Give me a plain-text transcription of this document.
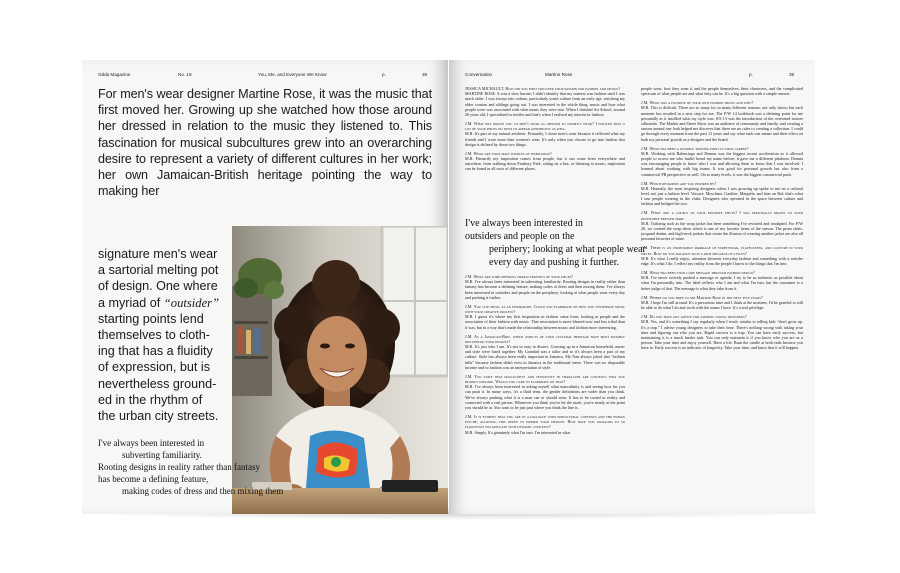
Odda Magazine	No. 19	You, Me, and Everyone We Know	p.	38
For men's wear designer Martine Rose, it was the music that first moved her. Growing up she watched how those around her dressed in relation to the music they listened to. This fascination for musical subcultures grew into an overarching desire to represent a variety of different cultures in her work; her own Jamaican-British heritage pointing the way to making her
signature men's wear
a sartorial melting pot
of design. One where
a myriad of “outsider”
starting points lend
themselves to cloth-
ing that has a fluidity
of expression, but is
nevertheless ground-
ed in the rhythm of
the urban city streets.
I've always been interested in
subverting familiarity.
Rooting designs in reality rather than fantasy
has become a defining feature,
making codes of dress and then mixing them
Conversation	Martine Rose	p.	39

JESSICA MICHAULT. How did you first discover your passion for fashion and design?
MARTINE ROSE. It was a slow burner; I didn't identify that my interest was fashion until I was much older. I was always into culture, particularly youth culture from an early age, watching my older cousins and siblings going out. I was interested in the whole thing: music and how what people wore was associated with what music they were into. When I finished Art School, around 20 years old, I specialised in textiles and that's when I realised my interest in fashion.

J.M. What has drawn you to men's wear as opposed to women's wear? I noticed that a lot of your pieces do seem to appear genderless as well.
M.R. It's part of my natural aesthetic. Primarily, I chose men's wear because it reflected what my friends and I wore more than women's wear. It's only when you choose to go into fashion that design is defined by those two things.

J.M. What are your main sources of inspiration?
M.R. Primarily my inspiration comes from people, but it can come from everywhere and anywhere, from walking down Finsbury Park, sitting on a bus, or listening to music; inspiration can be found in all sorts of different places.

I've always been interested in
outsiders and people on the
periphery; looking at what people wear
every day and pushing it further.

J.M. What are some defining characteristics of your pieces?
M.R. I've always been interested in subverting familiarity. Rooting designs in reality rather than fantasy has become a defining feature, making codes of dress and then mixing them. I've always been interested in outsiders and people on the periphery; looking at what people wear every day and pushing it further.

J.M. You cite music as an inspiration. Could you elaborate on how you synthesize music with your creative process?
M.R. I guess it's where my first inspiration in fashion came from; looking at people and the association of their fashion with music. That association is more blurred now and less tribal than it was, but in a way that's made the relationship between music and fashion more interesting.

J.M. As a Jamaican-Brit, which aspects of your cultural heritage have most notably influenced your designs?
M.R. It's just who I am. It's not so easy to dissect. Growing up in a Jamaican household, music and style were fused together. My Grandad was a tailor and so it's always been a part of my culture. Style has always been really important in Jamaica. My Nan always joked that “fashion killa” because fashion didn't exist in Jamaica in the traditional sense. There was no disposable income and so fashion was an interpretation of style.

J.M. You state that masculinity and sensitivity in character are contexts that you readily explore. Would you care to elaborate on that?
M.R. I've always been interested in asking myself what masculinity is and seeing how far you can push it. In many ways, it's a fluid term, the gender definitions are wider than you think. We've always pushing what it is a man can or should wear. It has to be rooted in reality and connected with a real person. Whenever you think you've hit the mark, you're nearly at the point you should be at. You want to be just past where you think the line is.

J.M. It is evident that you are in a dialogue with subcultural contexts and the human psyche, allowing this depth to inform your designs. How have you managed to so flawlessly encapsulate such dynamic concepts?
M.R. Simply. It's genuinely what I'm into. I'm interested in what

people wear, how they wear it and the people themselves, their characters, and the complicated spectrum of what people are and what they can be. It's a big question with a simple answer.

J.M. What was a favorite of your own fashion shows and why?
M.R. This is difficult. There are so many for so many different reasons, not only shows but each moment has resulted in a next step for me. The F/W 14 lookbook was a defining point for me personally as it instilled what my style was. S/S 13 was the introduction of the oversized trouser silhouette. The Market and Street Show was an audience of community and family, and creating a season around one look helped me discover that there are no rules to creating a collection. I could go through every moment from the past 12 years and say what each one meant and their effect on both my personal growth as a designer and the brand.

J.M. What has been a notable turning point in your career?
M.R. Working with Balenciaga and Demna was the biggest recent acceleration as it allowed people to access me who hadn't heard my name before; it gave me a different platform. Demna was encouraging people to know who I was and allowing them to know that I was involved. I learned about working with big teams. It was good for personal growth but also from a commercial PR perspective as well. On so many levels, it was the biggest commercial push.

J.M. Which designers are you inspired by?
M.R. Honestly, the most inspiring designers when I was growing up spoke to me on a cultural level, not just a fashion level. Versace, Moschino, Gaultier, Margiela, and later on Raf, that's what I saw people wearing in the clubs. Designers who operated in the space between culture and fashion and bridged the two.

J.M. What are a couple of your favorite pieces? I was personally drawn to your reversible fringed skirt.
M.R. Tailoring such as the wrap jacket has been something I've revisited and readapted. For F/W 20, we created the wrap dress which is one of my favorite items of the season. The prom shirts, jacquard denim, and high-neck jackets that create the illusion of wearing another jacket are also all personal favorites of mine.

J.M. There is an undeniable marriage of streetwear, playfulness, and couture in your pieces. How do you balance such a rich melange of styles?
M.R. It's what I really enjoy; attention between everyday fashion and something with a weirder edge. It's what I do; I reflect my reality from the people I know to the things that I'm into.

J.M. What has been your core message through fashion design?
M.R. I've never actively pushed a message or agenda. I try to be as authentic as possible about what I'm personally into. The label reflects who I am and what I'm into, but the consumer is a better judge of that. The message is what they take from it.

J.M. Where do you hope to see Martine Rose in the next five years?
M.R. I hope I'm still around. It's a precarious time and I think at the moment, I'd be grateful to still be able to do what I do and work with the teams I have. It's a real privilege.

J.M. Do you have any advice for aspiring young designers?
M.R. Yes, and it's something I say regularly when I teach, similar to telling kids “don't grow up. It's a trap.” I advise young designers to take their time. There's nothing wrong with taking your time and figuring out who you are. Rapid success is a trap. You can have early success, but maintaining it is a much harder task. You can only maintain it if you know who you are as a person. Take your time and enjoy yourself. Have a life. Burn the candle at both ends because you have to. Early success is no indicator of longevity. Take your time, and know that it will happen.
